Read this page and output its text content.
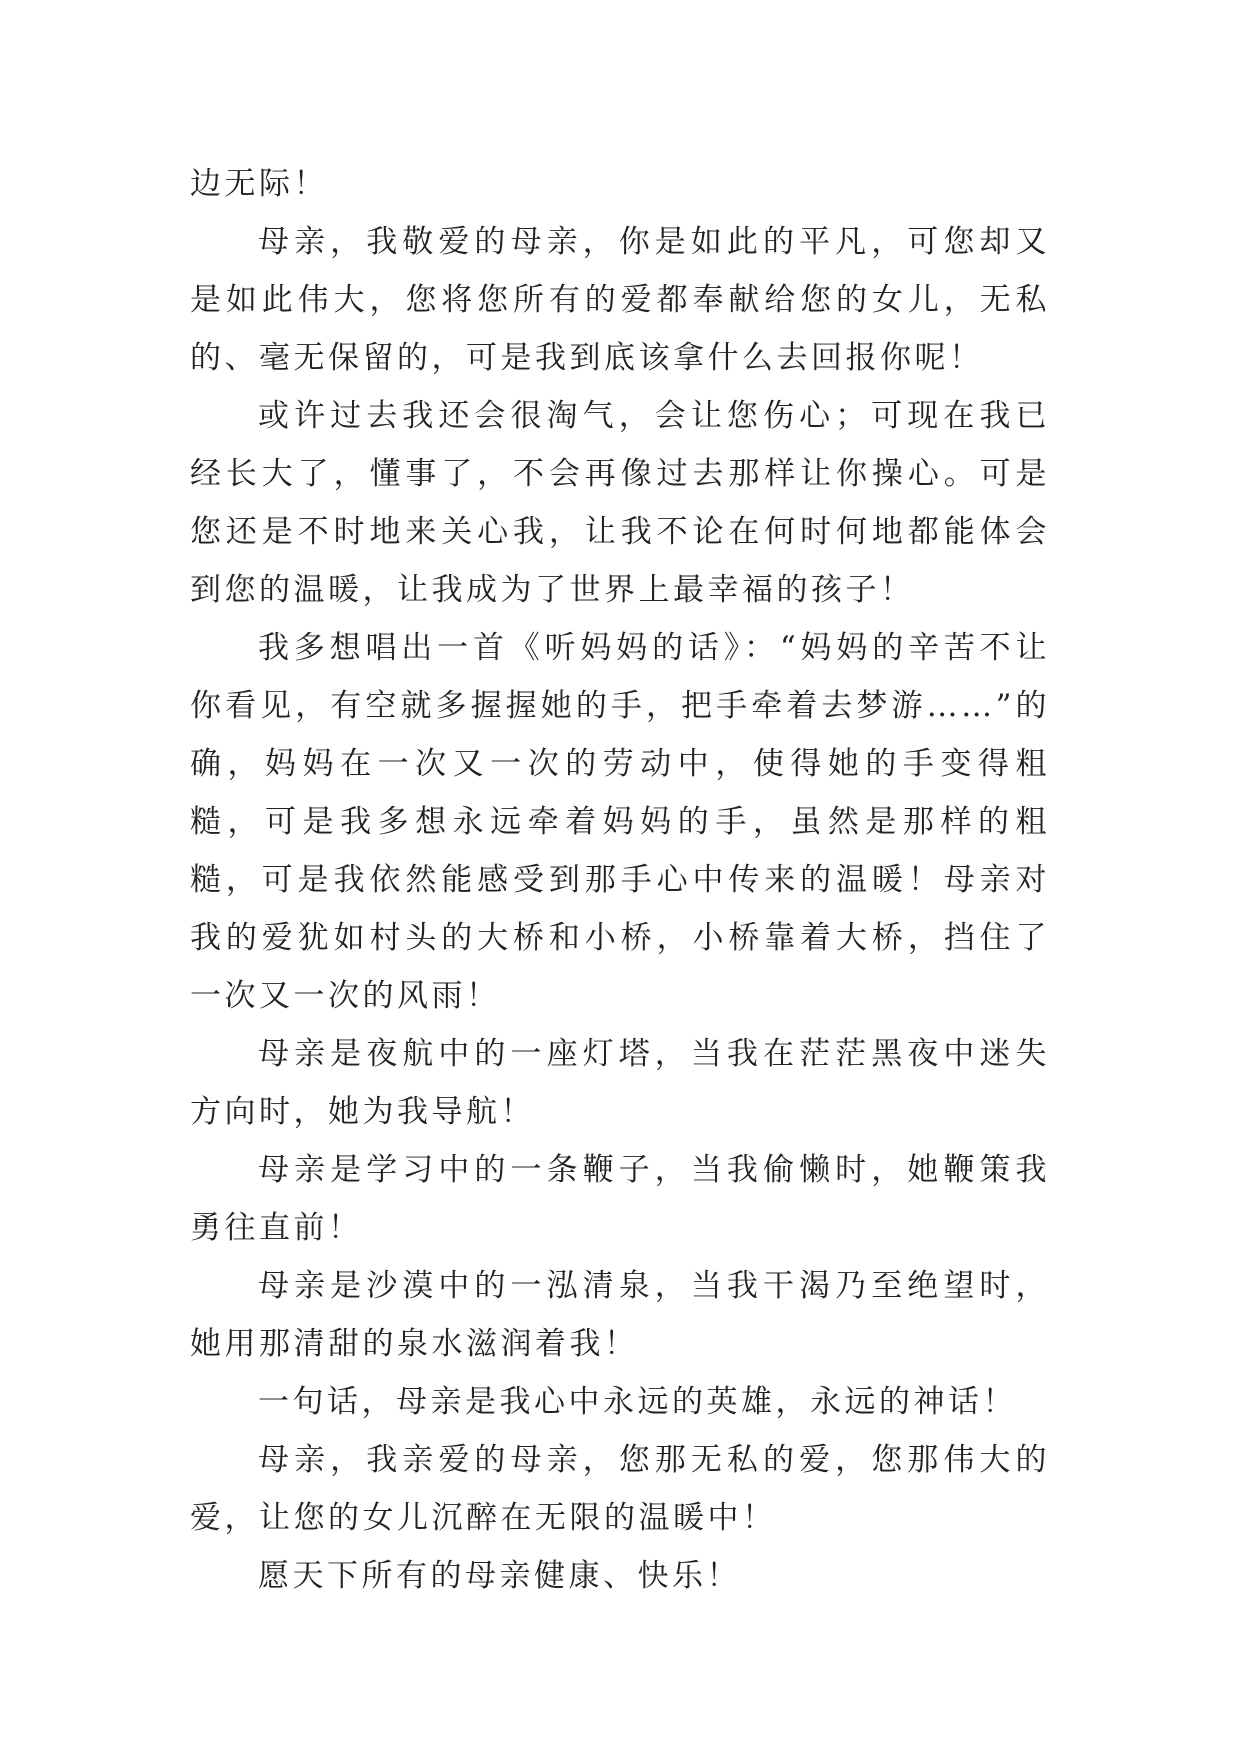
边无际！

母亲，我敬爱的母亲，你是如此的平凡，可您却又是如此伟大，您将您所有的爱都奉献给您的女儿，无私的、毫无保留的，可是我到底该拿什么去回报你呢！

或许过去我还会很淘气，会让您伤心；可现在我已经长大了，懂事了，不会再像过去那样让你操心。可是您还是不时地来关心我，让我不论在何时何地都能体会到您的温暖，让我成为了世界上最幸福的孩子！

我多想唱出一首《听妈妈的话》：“妈妈的辛苦不让你看见，有空就多握握她的手，把手牵着去梦游……”的确，妈妈在一次又一次的劳动中，使得她的手变得粗糙，可是我多想永远牵着妈妈的手，虽然是那样的粗糙，可是我依然能感受到那手心中传来的温暖！母亲对我的爱犹如村头的大桥和小桥，小桥靠着大桥，挡住了一次又一次的风雨！

母亲是夜航中的一座灯塔，当我在茫茫黑夜中迷失方向时，她为我导航！

母亲是学习中的一条鞭子，当我偷懒时，她鞭策我勇往直前！

母亲是沙漠中的一泓清泉，当我干渴乃至绝望时，她用那清甜的泉水滋润着我！

一句话，母亲是我心中永远的英雄，永远的神话！

母亲，我亲爱的母亲，您那无私的爱，您那伟大的爱，让您的女儿沉醉在无限的温暖中！

愿天下所有的母亲健康、快乐！
